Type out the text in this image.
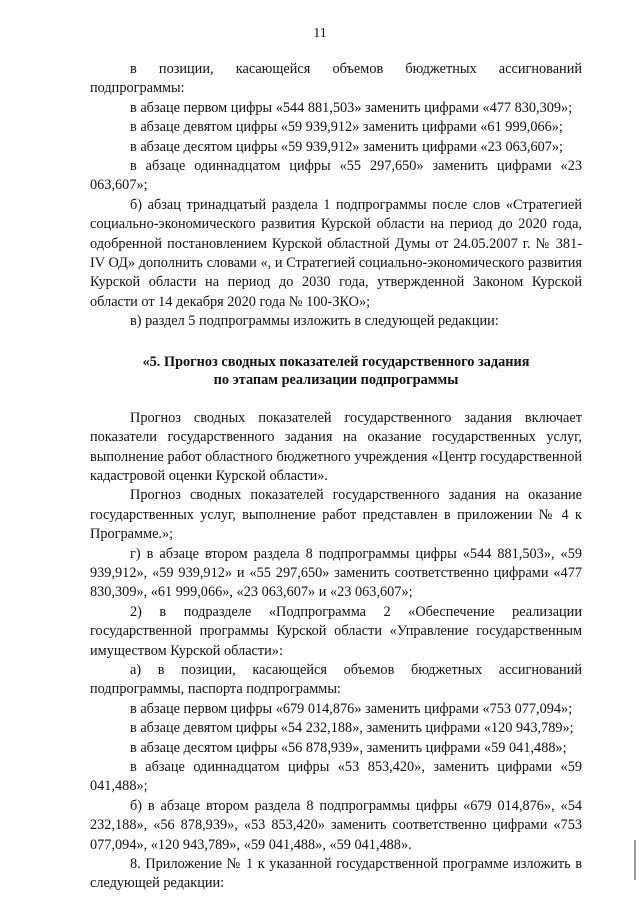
11

в позиции, касающейся объемов бюджетных ассигнований подпрограммы:

в абзаце первом цифры «544 881,503» заменить цифрами «477 830,309»;

в абзаце девятом цифры «59 939,912» заменить цифрами «61 999,066»;

в абзаце десятом цифры «59 939,912» заменить цифрами «23 063,607»;

в абзаце одиннадцатом цифры «55 297,650» заменить цифрами «23 063,607»;

б) абзац тринадцатый раздела 1 подпрограммы после слов «Стратегией социально-экономического развития Курской области на период до 2020 года, одобренной постановлением Курской областной Думы от 24.05.2007 г. № 381-IV ОД» дополнить словами «, и Стратегией социально-экономического развития Курской области на период до 2030 года, утвержденной Законом Курской области от 14 декабря 2020 года № 100-ЗКО»;

в) раздел 5 подпрограммы изложить в следующей редакции:

«5. Прогноз сводных показателей государственного задания
по этапам реализации подпрограммы

Прогноз сводных показателей государственного задания включает показатели государственного задания на оказание государственных услуг, выполнение работ областного бюджетного учреждения «Центр государственной кадастровой оценки Курской области».

Прогноз сводных показателей государственного задания на оказание государственных услуг, выполнение работ представлен в приложении № 4 к Программе.»;

г) в абзаце втором раздела 8 подпрограммы цифры «544 881,503», «59 939,912», «59 939,912» и «55 297,650» заменить соответственно цифрами «477 830,309», «61 999,066», «23 063,607» и «23 063,607»;

2) в подразделе «Подпрограмма 2 «Обеспечение реализации государственной программы Курской области «Управление государственным имуществом Курской области»:

а) в позиции, касающейся объемов бюджетных ассигнований подпрограммы, паспорта подпрограммы:

в абзаце первом цифры «679 014,876» заменить цифрами «753 077,094»;

в абзаце девятом цифры «54 232,188», заменить цифрами «120 943,789»;

в абзаце десятом цифры «56 878,939», заменить цифрами «59 041,488»;

в абзаце одиннадцатом цифры «53 853,420», заменить цифрами «59 041,488»;

б) в абзаце втором раздела 8 подпрограммы цифры «679 014,876», «54 232,188», «56 878,939», «53 853,420» заменить соответственно цифрами «753 077,094», «120 943,789», «59 041,488», «59 041,488».

8. Приложение № 1 к указанной государственной программе изложить в следующей редакции:
